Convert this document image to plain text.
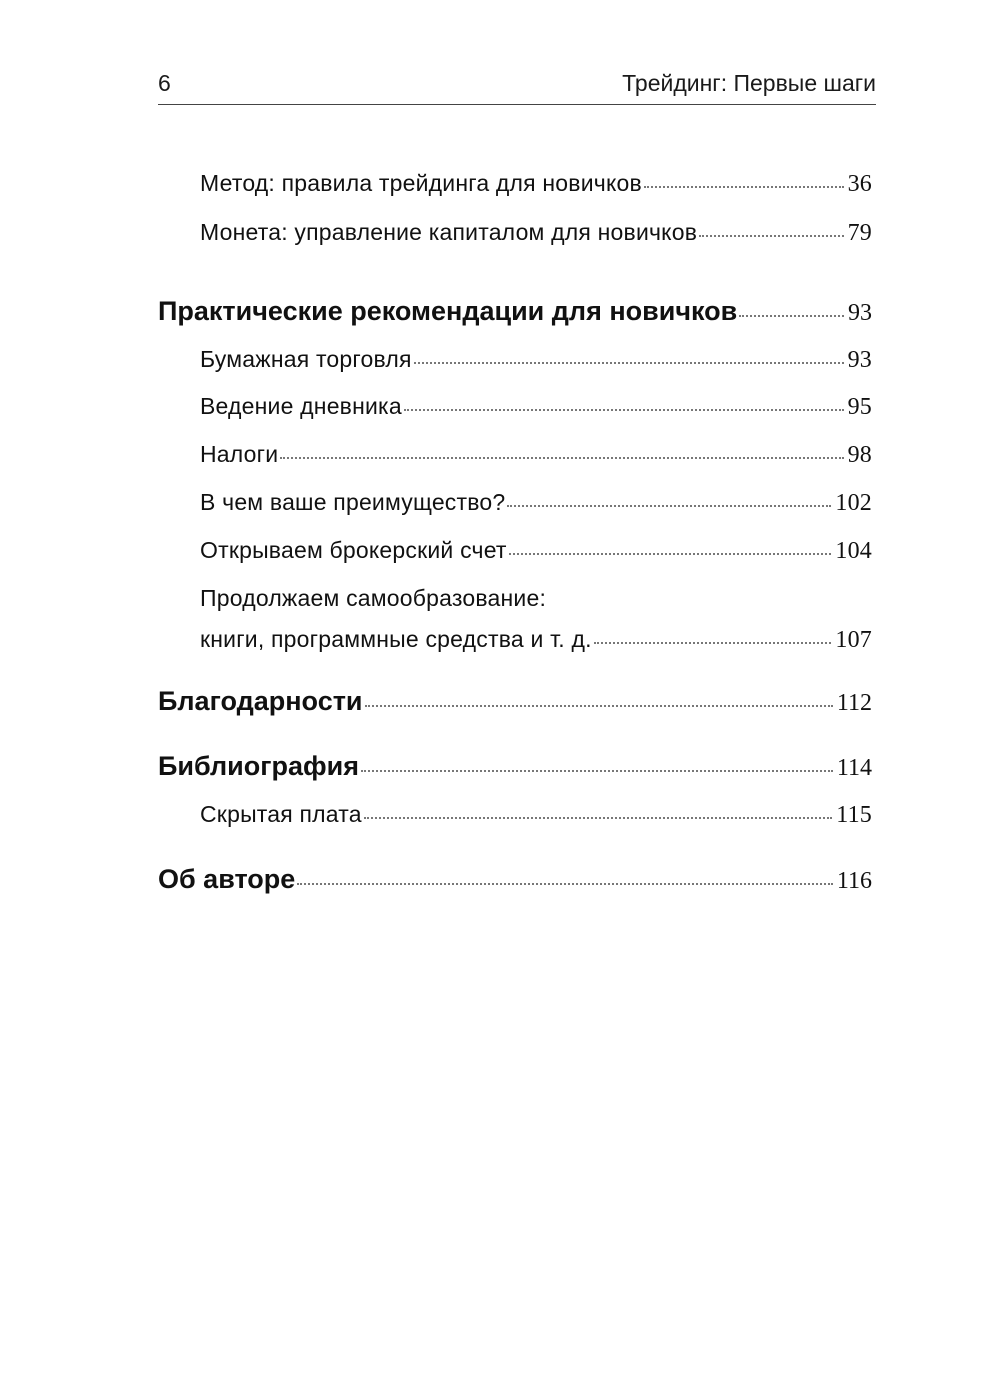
6	Трейдинг: Первые шаги
Метод: правила трейдинга для новичков	36
Монета: управление капиталом для новичков	79
Практические рекомендации для новичков	93
Бумажная торговля	93
Ведение дневника	95
Налоги	98
В чем ваше преимущество?	102
Открываем брокерский счет	104
Продолжаем самообразование:
книги, программные средства и т. д.	107
Благодарности	112
Библиография	114
Скрытая плата	115
Об авторе	116
